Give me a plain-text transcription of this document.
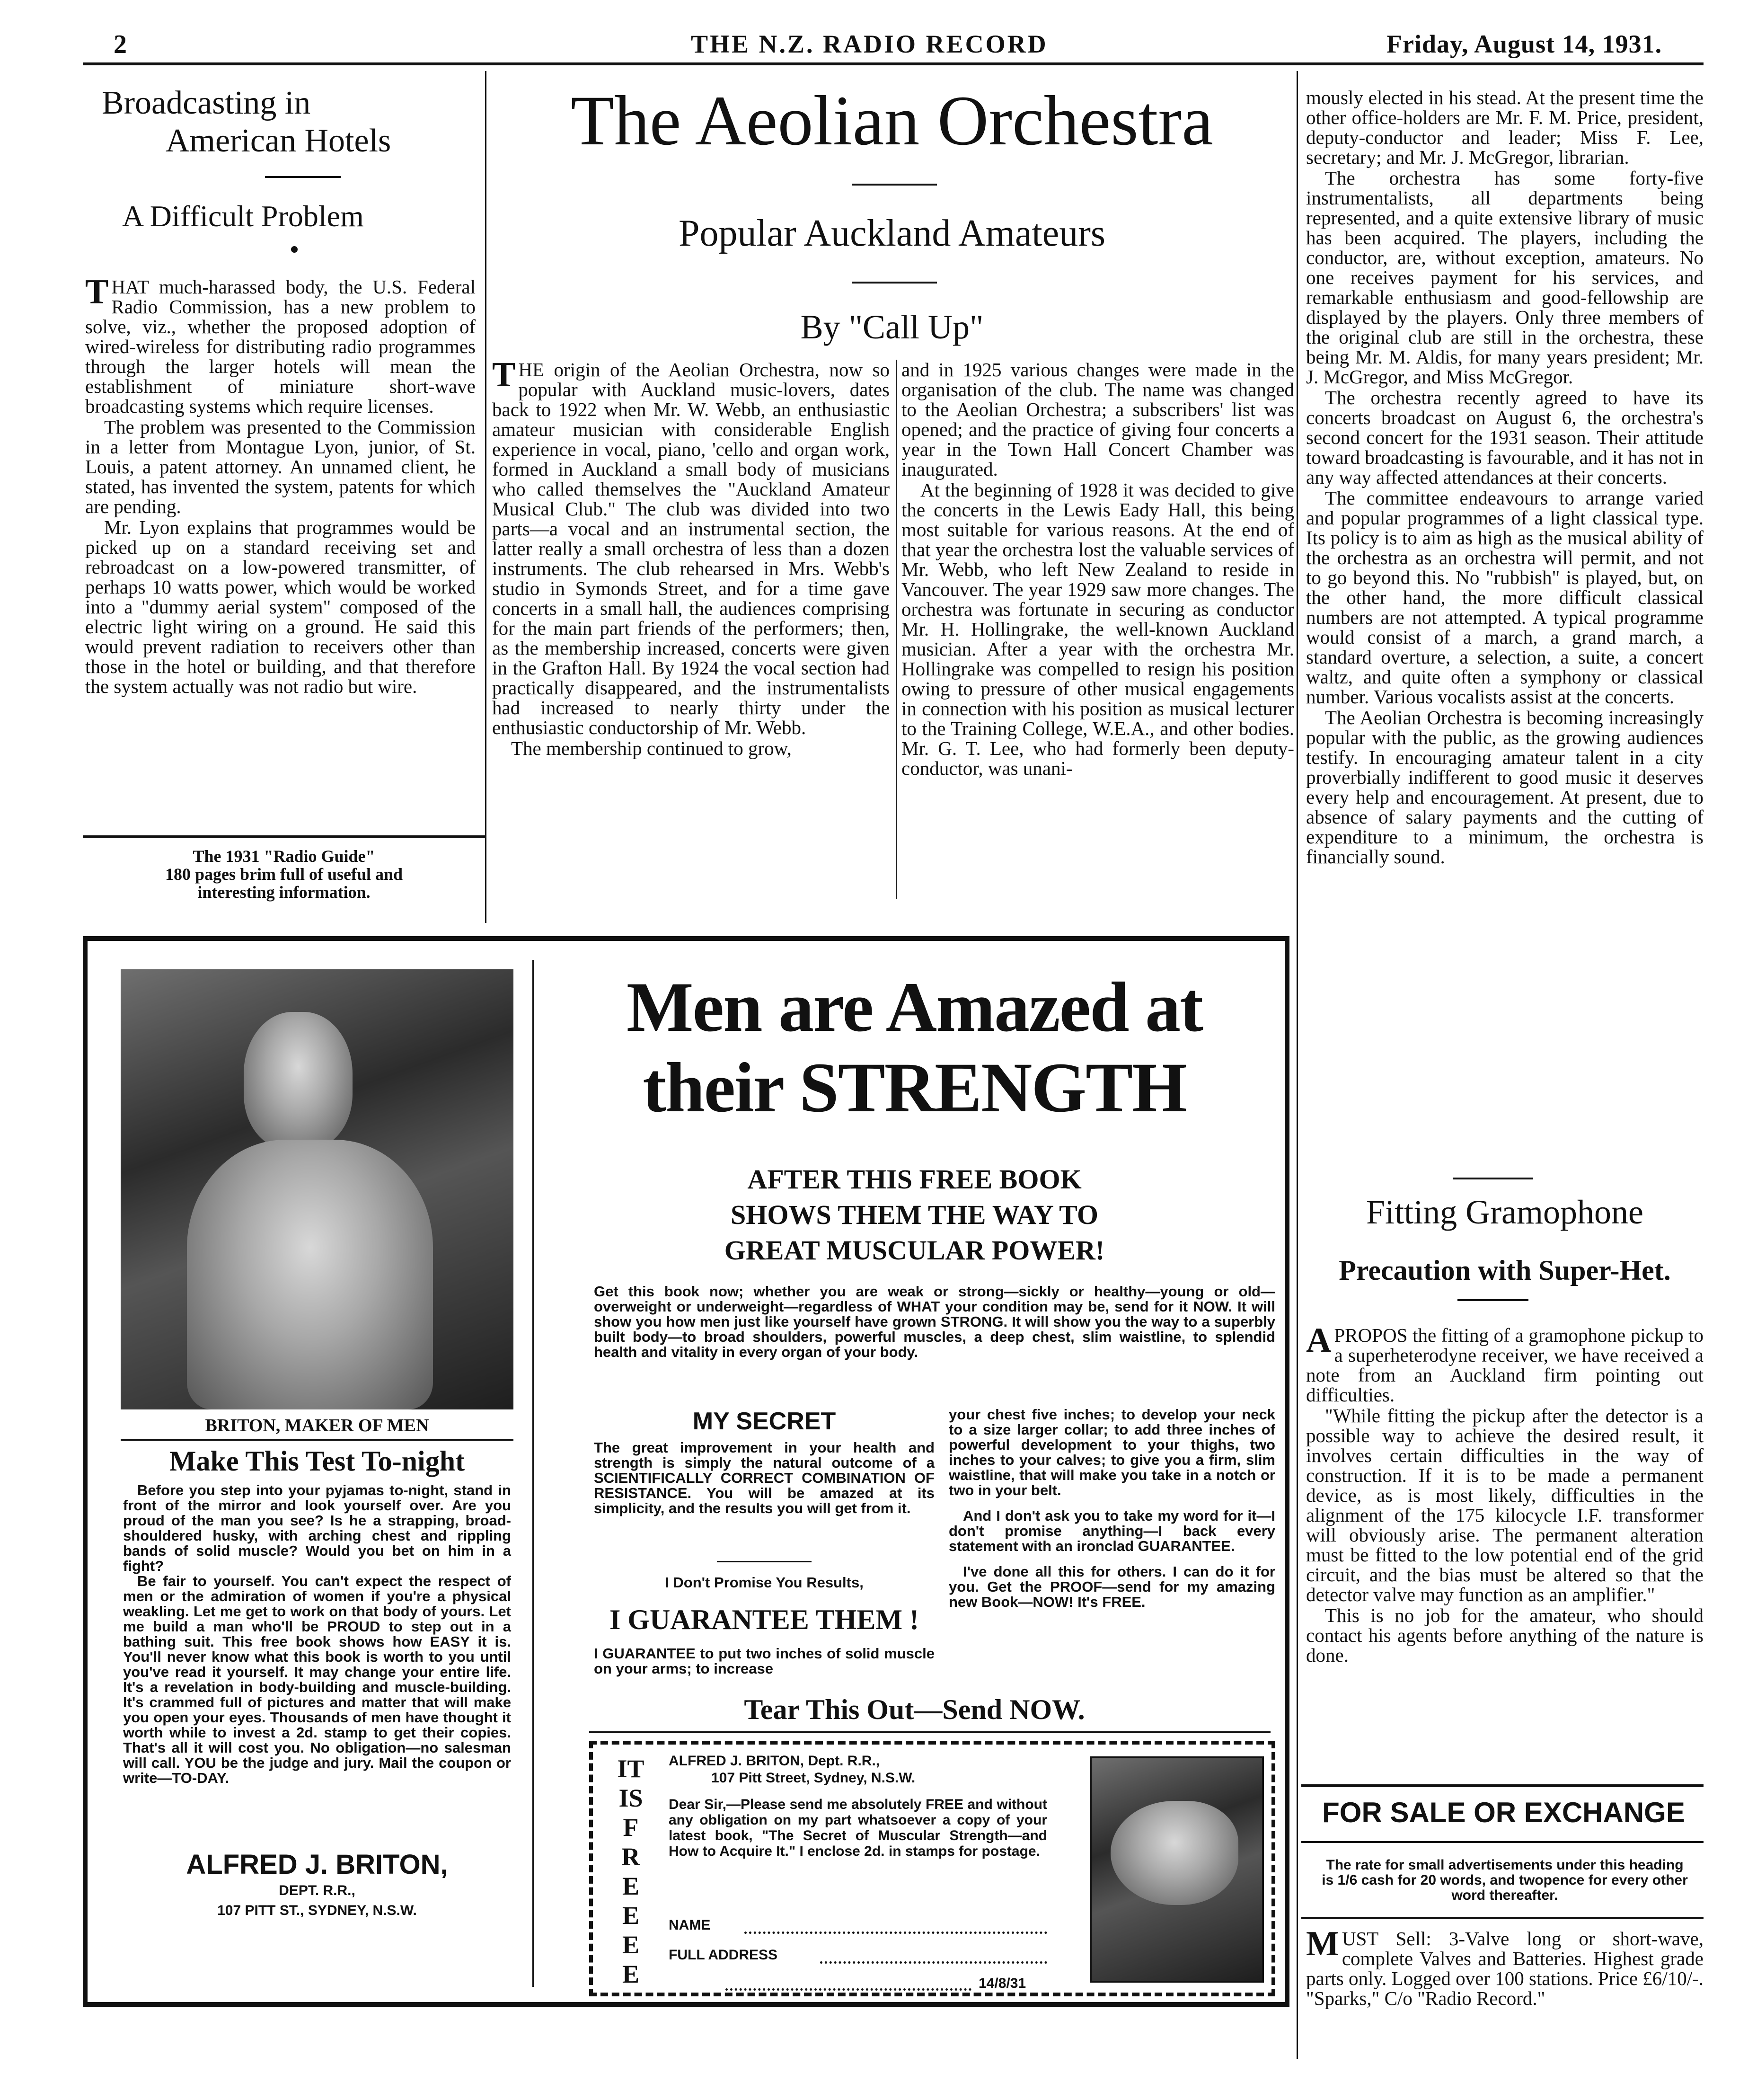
2	THE N.Z. RADIO RECORD	Friday, August 14, 1931.
Broadcasting in
American Hotels
A Difficult Problem

THAT much-harassed body, the U.S. Federal Radio Commission, has a new problem to solve, viz., whether the proposed adoption of wired-wireless for distributing radio programmes through the larger hotels will mean the establishment of miniature short-wave broadcasting systems which require licenses.

The problem was presented to the Commission in a letter from Montague Lyon, junior, of St. Louis, a patent attorney. An unnamed client, he stated, has invented the system, patents for which are pending.

Mr. Lyon explains that programmes would be picked up on a standard receiving set and rebroadcast on a low-powered transmitter, of perhaps 10 watts power, which would be worked into a "dummy aerial system" composed of the electric light wiring on a ground. He said this would prevent radiation to receivers other than those in the hotel or building, and that therefore the system actually was not radio but wire.

The 1931 "Radio Guide"
180 pages brim full of useful and
interesting information.
The Aeolian Orchestra
Popular Auckland Amateurs
By "Call Up"

THE origin of the Aeolian Orchestra, now so popular with Auckland music-lovers, dates back to 1922 when Mr. W. Webb, an enthusiastic amateur musician with considerable English experience in vocal, piano, 'cello and organ work, formed in Auckland a small body of musicians who called themselves the "Auckland Amateur Musical Club." The club was divided into two parts—a vocal and an instrumental section, the latter really a small orchestra of less than a dozen instruments. The club rehearsed in Mrs. Webb's studio in Symonds Street, and for a time gave concerts in a small hall, the audiences comprising for the main part friends of the performers; then, as the membership increased, concerts were given in the Grafton Hall. By 1924 the vocal section had practically disappeared, and the instrumentalists had increased to nearly thirty under the enthusiastic conductorship of Mr. Webb.

The membership continued to grow,

and in 1925 various changes were made in the organisation of the club. The name was changed to the Aeolian Orchestra; a subscribers' list was opened; and the practice of giving four concerts a year in the Town Hall Concert Chamber was inaugurated.

At the beginning of 1928 it was decided to give the concerts in the Lewis Eady Hall, this being most suitable for various reasons. At the end of that year the orchestra lost the valuable services of Mr. Webb, who left New Zealand to reside in Vancouver. The year 1929 saw more changes. The orchestra was fortunate in securing as conductor Mr. H. Hollingrake, the well-known Auckland musician. After a year with the orchestra Mr. Hollingrake was compelled to resign his position owing to pressure of other musical engagements in connection with his position as musical lecturer to the Training College, W.E.A., and other bodies. Mr. G. T. Lee, who had formerly been deputy-conductor, was unani-

mously elected in his stead. At the present time the other office-holders are Mr. F. M. Price, president, deputy-conductor and leader; Miss F. Lee, secretary; and Mr. J. McGregor, librarian.

The orchestra has some forty-five instrumentalists, all departments being represented, and a quite extensive library of music has been acquired. The players, including the conductor, are, without exception, amateurs. No one receives payment for his services, and remarkable enthusiasm and good-fellowship are displayed by the players. Only three members of the original club are still in the orchestra, these being Mr. M. Aldis, for many years president; Mr. J. McGregor, and Miss McGregor.

The orchestra recently agreed to have its concerts broadcast on August 6, the orchestra's second concert for the 1931 season. Their attitude toward broadcasting is favourable, and it has not in any way affected attendances at their concerts.

The committee endeavours to arrange varied and popular programmes of a light classical type. Its policy is to aim as high as the musical ability of the orchestra as an orchestra will permit, and not to go beyond this. No "rubbish" is played, but, on the other hand, the more difficult classical numbers are not attempted. A typical programme would consist of a march, a grand march, a standard overture, a selection, a suite, a concert waltz, and quite often a symphony or classical number. Various vocalists assist at the concerts.

The Aeolian Orchestra is becoming increasingly popular with the public, as the growing audiences testify. In encouraging amateur talent in a city proverbially indifferent to good music it deserves every help and encouragement. At present, due to absence of salary payments and the cutting of expenditure to a minimum, the orchestra is financially sound.

Fitting Gramophone
Precaution with Super-Het.

APROPOS the fitting of a gramophone pickup to a superheterodyne receiver, we have received a note from an Auckland firm pointing out difficulties.

"While fitting the pickup after the detector is a possible way to achieve the desired result, it involves certain difficulties in the way of construction. If it is to be made a permanent device, as is most likely, difficulties in the alignment of the 175 kilocycle I.F. transformer will obviously arise. The permanent alteration must be fitted to the low potential end of the grid circuit, and the bias must be altered so that the detector valve may function as an amplifier."

This is no job for the amateur, who should contact his agents before anything of the nature is done.

FOR SALE OR EXCHANGE
The rate for small advertisements under this heading is 1/6 cash for 20 words, and twopence for every other word thereafter.

MUST Sell: 3-Valve long or short-wave, complete Valves and Batteries. Highest grade parts only. Logged over 100 stations. Price £6/10/-. "Sparks," C/o "Radio Record."

BRITON, MAKER OF MEN
Make This Test To-night
Before you step into your pyjamas to-night, stand in front of the mirror and look yourself over. Are you proud of the man you see? Is he a strapping, broad-shouldered husky, with arching chest and rippling bands of solid muscle? Would you bet on him in a fight?
Be fair to yourself. You can't expect the respect of men or the admiration of women if you're a physical weakling. Let me get to work on that body of yours. Let me build a man who'll be PROUD to step out in a bathing suit. This free book shows how EASY it is. You'll never know what this book is worth to you until you've read it yourself. It may change your entire life. It's a revelation in body-building and muscle-building. It's crammed full of pictures and matter that will make you open your eyes. Thousands of men have thought it worth while to invest a 2d. stamp to get their copies. That's all it will cost you. No obligation—no salesman will call. YOU be the judge and jury. Mail the coupon or write—TO-DAY.
ALFRED J. BRITON,
DEPT. R.R.,
107 PITT ST., SYDNEY, N.S.W.
Men are Amazed at
their STRENGTH
AFTER THIS FREE BOOK
SHOWS THEM THE WAY TO
GREAT MUSCULAR POWER!
Get this book now; whether you are weak or strong—sickly or healthy—young or old—overweight or underweight—regardless of WHAT your condition may be, send for it NOW. It will show you how men just like yourself have grown STRONG. It will show you the way to a superbly built body—to broad shoulders, powerful muscles, a deep chest, slim waistline, to splendid health and vitality in every organ of your body.
MY SECRET
The great improvement in your health and strength is simply the natural outcome of a SCIENTIFICALLY CORRECT COMBINATION OF RESISTANCE. You will be amazed at its simplicity, and the results you will get from it.
I Don't Promise You Results,
I GUARANTEE THEM !
I GUARANTEE to put two inches of solid muscle on your arms; to increase
your chest five inches; to develop your neck to a size larger collar; to add three inches of powerful development to your thighs, two inches to your calves; to give you a firm, slim waistline, that will make you take in a notch or two in your belt.
And I don't ask you to take my word for it—I don't promise anything—I back every statement with an ironclad GUARANTEE.
I've done all this for others. I can do it for you. Get the PROOF—send for my amazing new Book—NOW! It's FREE.
Tear This Out—Send NOW.
IT
IS
F
R
E
E
E
E
ALFRED J. BRITON, Dept. R.R.,
107 Pitt Street, Sydney, N.S.W.
Dear Sir,—Please send me absolutely FREE and without any obligation on my part whatsoever a copy of your latest book, "The Secret of Muscular Strength—and How to Acquire It." I enclose 2d. in stamps for postage.
NAME
FULL ADDRESS
14/8/31
